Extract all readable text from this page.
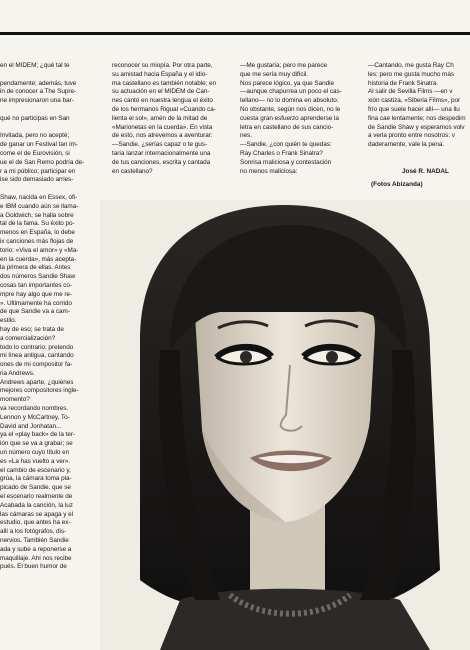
en el MIDEM; ¿qué tal te

pendamente; además, tuve
in de conocer a The Supre-
ne impresionaron una bar-

qué no participas en San

Invitada, pero no acepté;
de ganar un Festival tan im-
come el de Eurovisión, si
ue el de San Remo podría de-
r a mi público; participar en
ise sido demasiado arries-

Shaw, nacida en Essex, ofi-
e IBM cuando aún se llama-
a Goldwich, se halla sobre
tal de la fama. Su éxito po-
menos en España, lo debe
ix canciones más flojas de
torio: «Viva el amor» y «Ma-
en la cuerda», más acepta-
la primera de ellas. Antes
dos números Sandie Shaw
cosas tan importantes co-
mpre hay algo que me re-
». Ultimamente ha corrido
de que Sandie va a cam-
estilo.
hay de eso; se trata de
a comercialización?
todo lo contrario; pretendo
mi línea antigua, cantando
ones de mi compositor fa-
ria Andrews.
Andrews aparte, ¿quiénes
mejores compositores ingle-
momento?
va recordando nombres.
Lennon y McCartney, To-
David and Jonhatan...
ya el «play back» de la ter-
ión que se va a grabar; se
un número cuyo título en
es «La has vuelto a ver».
el cambio de escenario y,
grúa, la cámara toma pla-
picado de Sandie, que se
el escenario realmente de
Acabada la canción, la luz
las cámaras se apaga y el
estudio, que antes ha ex-
allí a los fotógrafos, dis-
nervios. También Sandie
ada y sube a reponerse a
maquillaje. Ahí nos recibe
pués. El buen humor de
reconocer su miopía. Por otra parte,
su amistad hacia España y el idio-
ma castellano es también notable; en
su actuación en el MIDEM de Can-
nes cantó en nuestra lengua el éxito
de los hermanos Rigual «Cuando ca-
lienta el sol», amén de la mitad de
«Marionetas en la cuerda». En vista
de esto, nos atrevemos a aventurar:
—Sandie, ¿serías capaz o te gus-
taría lanzar internacionalmente una
de tus canciones, escrita y cantada
en castellano?
—Me gustaría; pero me parece
que me sería muy difícil.
Nos parece lógico, ya que Sandie
—aunque chapurrea un poco el cas-
tellano— no lo domina en absoluto.
No obstante, según nos dicen, no le
cuesta gran esfuerzo aprenderse la
letra en castellano de sus cancio-
nes.
—Sandie, ¿con quién te quedas:
Ray Charles o Frank Sinatra?
Sonrisa maliciosa y contestación
no menos maliciosa:
—Cantando, me gusta Ray Ch
les; pero me gusta mucho más
historia de Frank Sinatra.
Al salir de Sevilla Films —en v
xión castiza, «Siberia Films», por
frío que suele hacer allí— una llu
fina cae lentamente; nos despedim
de Sandie Shaw y esperamos volv
a verla pronto entre nosotros: v
daderamente, vale la pena.
José R. NADAL
(Fotos Abizanda)
